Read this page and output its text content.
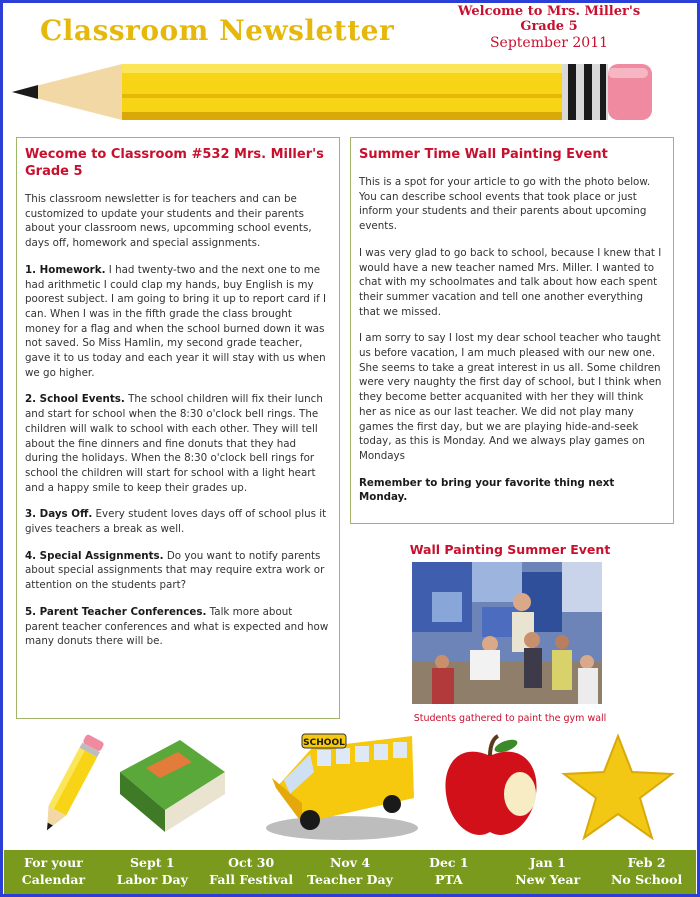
Classroom Newsletter
Welcome to Mrs. Miller's
Grade 5
September 2011
Wecome to Classroom #532 Mrs. Miller's Grade 5

This classroom newsletter is for teachers and can be customized to update your students and their parents about your classroom news, upcomming school events, days off, homework and special assignments.

1. Homework. I had twenty-two and the next one to me had arithmetic I could clap my hands, buy English is my poorest subject. I am going to bring it up to report card if I can. When I was in the fifth grade the class brought money for a flag and when the school burned down it was not saved. So Miss Hamlin, my second grade teacher, gave it to us today and each year it will stay with us when we go higher.

2. School Events. The school children will fix their lunch and start for school when the 8:30 o'clock bell rings. The children will walk to school with each other. They will tell about the fine dinners and fine donuts that they had during the holidays. When the 8:30 o'clock bell rings for school the children will start for school with a light heart and a happy smile to keep their grades up.

3. Days Off. Every student loves days off of school plus it gives teachers a break as well.

4. Special Assignments. Do you want to notify parents about special assignments that may require extra work or attention on the students part?

5. Parent Teacher Conferences. Talk more about parent teacher conferences and what is expected and how many donuts there will be.

Summer Time Wall Painting Event

This is a spot for your article to go with the photo below. You can describe school events that took place or just inform your students and their parents about upcoming events.

I was very glad to go back to school, because I knew that I would have a new teacher named Mrs. Miller. I wanted to chat with my schoolmates and talk about how each spent their summer vacation and tell one another everything that we missed.

I am sorry to say I lost my dear school teacher who taught us before vacation, I am much pleased with our new one. She seems to take a great interest in us all. Some children were very naughty the first day of school, but I think when they become better acquanited with her they will think her as nice as our last teacher. We did not play many games the first day, but we are playing hide-and-seek today, as this is Monday. And we always play games on Mondays

Remember to bring your favorite thing next Monday.

Wall Painting Summer Event
Students gathered to paint the gym wall
SCHOOL
For your
Calendar
Sept 1
Labor Day
Oct 30
Fall Festival
Nov 4
Teacher Day
Dec 1
PTA
Jan 1
New Year
Feb 2
No School
